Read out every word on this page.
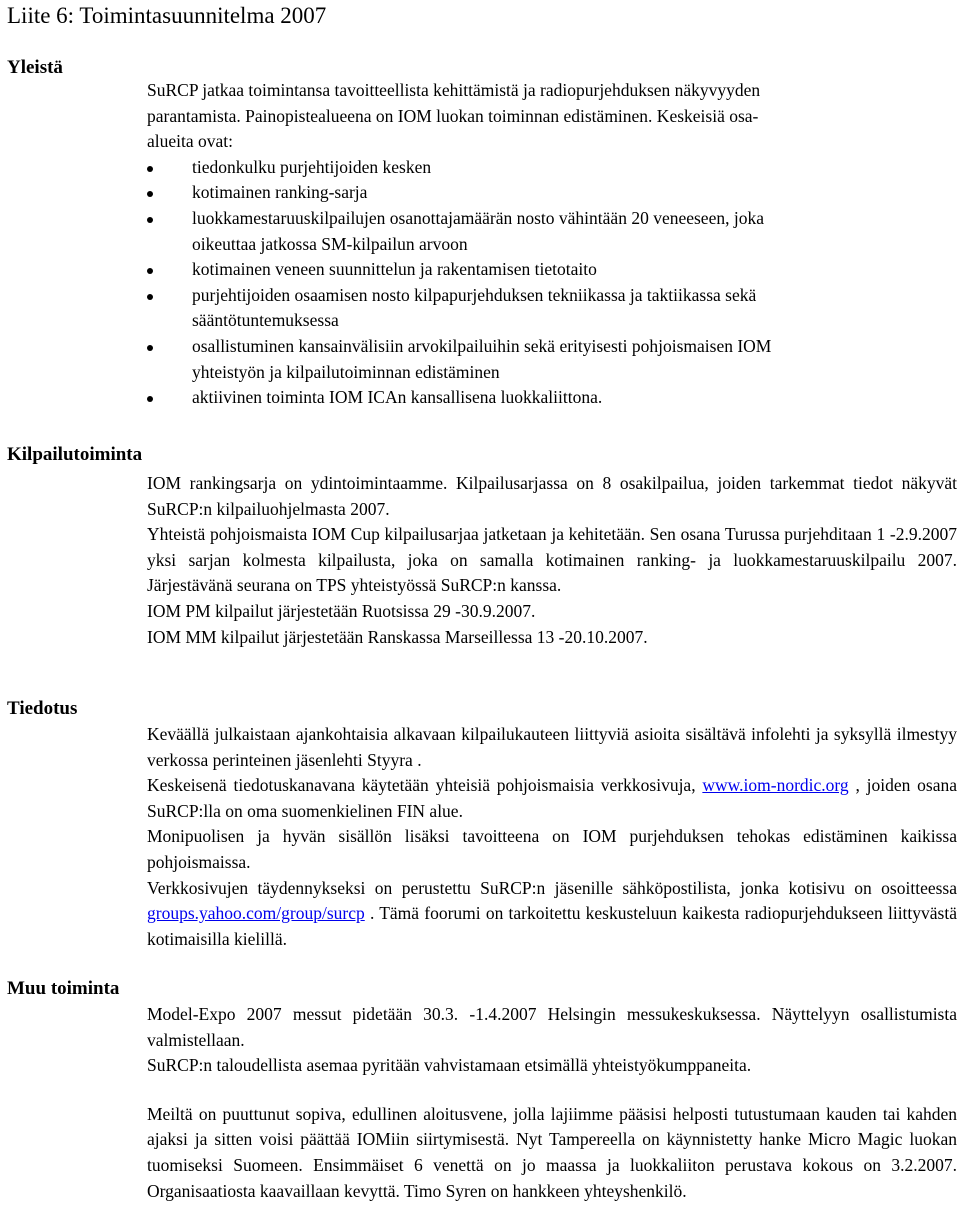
Liite 6: Toimintasuunnitelma 2007
Yleistä

SuRCP jatkaa toimintansa tavoitteellista kehittämistä ja radiopurjehduksen näkyvyyden

parantamista. Painopistealueena on IOM luokan toiminnan edistäminen. Keskeisiä osa-

alueita ovat:

tiedonkulku purjehtijoiden kesken
kotimainen ranking-sarja
luokkamestaruuskilpailujen osanottajamäärän nosto vähintään 20 veneeseen, joka
oikeuttaa jatkossa SM-kilpailun arvoon
kotimainen veneen suunnittelun ja rakentamisen tietotaito
purjehtijoiden osaamisen nosto kilpapurjehduksen tekniikassa ja taktiikassa sekä
sääntötuntemuksessa
osallistuminen kansainvälisiin arvokilpailuihin sekä erityisesti pohjoismaisen IOM
yhteistyön ja kilpailutoiminnan edistäminen
aktiivinen toiminta IOM ICAn kansallisena luokkaliittona.
Kilpailutoiminta

IOM rankingsarja on ydintoimintaamme. Kilpailusarjassa on 8 osakilpailua, joiden tarkemmat tiedot näkyvät SuRCP:n kilpailuohjelmasta 2007.

Yhteistä pohjoismaista IOM Cup kilpailusarjaa jatketaan ja kehitetään. Sen osana Turussa purjehditaan 1 -2.9.2007 yksi sarjan kolmesta kilpailusta, joka on samalla kotimainen ranking- ja luokkamestaruuskilpailu 2007. Järjestävänä seurana on TPS yhteistyössä SuRCP:n kanssa.

IOM PM kilpailut järjestetään Ruotsissa 29 -30.9.2007.

IOM MM kilpailut järjestetään Ranskassa Marseillessa 13 -20.10.2007.

Tiedotus

Keväällä julkaistaan ajankohtaisia alkavaan kilpailukauteen liittyviä asioita sisältävä infolehti ja syksyllä ilmestyy verkossa perinteinen jäsenlehti Styyra .

Keskeisenä tiedotuskanavana käytetään yhteisiä pohjoismaisia verkkosivuja, www.iom-nordic.org , joiden osana SuRCP:lla on oma suomenkielinen FIN alue.

Monipuolisen ja hyvän sisällön lisäksi tavoitteena on IOM purjehduksen tehokas edistäminen kaikissa pohjoismaissa.

Verkkosivujen täydennykseksi on perustettu SuRCP:n jäsenille sähköpostilista, jonka kotisivu on osoitteessa groups.yahoo.com/group/surcp . Tämä foorumi on tarkoitettu keskusteluun kaikesta radiopurjehdukseen liittyvästä kotimaisilla kielillä.

Muu toiminta

Model-Expo 2007 messut pidetään 30.3. -1.4.2007 Helsingin messukeskuksessa. Näyttelyyn osallistumista valmistellaan.

SuRCP:n taloudellista asemaa pyritään vahvistamaan etsimällä yhteistyökumppaneita.

Meiltä on puuttunut sopiva, edullinen aloitusvene, jolla lajiimme pääsisi helposti tutustumaan kauden tai kahden ajaksi ja sitten voisi päättää IOMiin siirtymisestä. Nyt Tampereella on käynnistetty hanke Micro Magic luokan tuomiseksi Suomeen. Ensimmäiset 6 venettä on jo maassa ja luokkaliiton perustava kokous on 3.2.2007. Organisaatiosta kaavaillaan kevyttä. Timo Syren on hankkeen yhteyshenkilö.
